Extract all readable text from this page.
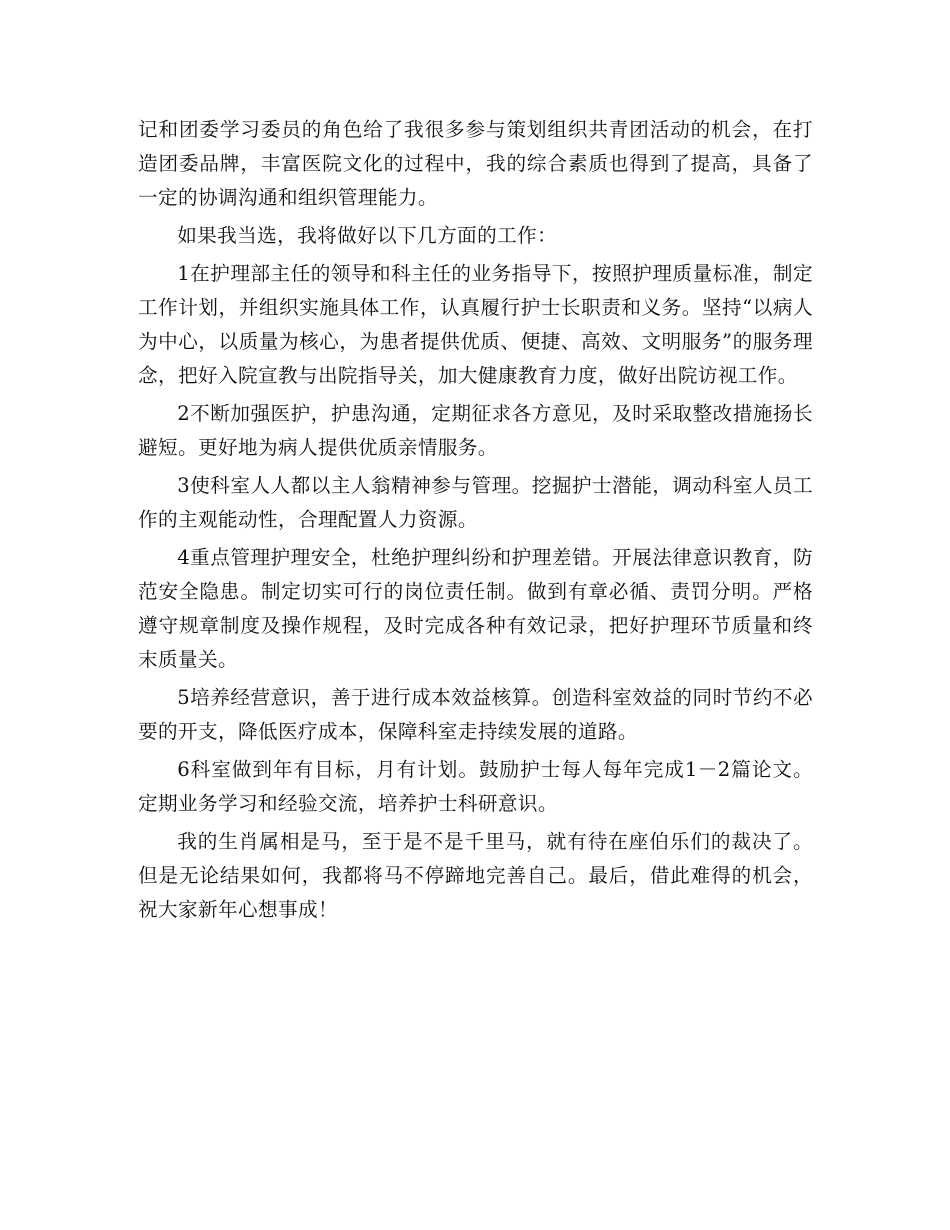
记和团委学习委员的角色给了我很多参与策划组织共青团活动的机会，在打造团委品牌，丰富医院文化的过程中，我的综合素质也得到了提高，具备了一定的协调沟通和组织管理能力。

如果我当选，我将做好以下几方面的工作：

1在护理部主任的领导和科主任的业务指导下，按照护理质量标准，制定工作计划，并组织实施具体工作，认真履行护士长职责和义务。坚持“以病人为中心，以质量为核心，为患者提供优质、便捷、高效、文明服务”的服务理念，把好入院宣教与出院指导关，加大健康教育力度，做好出院访视工作。

2不断加强医护，护患沟通，定期征求各方意见，及时采取整改措施扬长避短。更好地为病人提供优质亲情服务。

3使科室人人都以主人翁精神参与管理。挖掘护士潜能，调动科室人员工作的主观能动性，合理配置人力资源。

4重点管理护理安全，杜绝护理纠纷和护理差错。开展法律意识教育，防范安全隐患。制定切实可行的岗位责任制。做到有章必循、责罚分明。严格遵守规章制度及操作规程，及时完成各种有效记录，把好护理环节质量和终末质量关。

5培养经营意识，善于进行成本效益核算。创造科室效益的同时节约不必要的开支，降低医疗成本，保障科室走持续发展的道路。

6科室做到年有目标，月有计划。鼓励护士每人每年完成1－2篇论文。定期业务学习和经验交流，培养护士科研意识。

我的生肖属相是马，至于是不是千里马，就有待在座伯乐们的裁决了。但是无论结果如何，我都将马不停蹄地完善自己。最后，借此难得的机会，祝大家新年心想事成！
